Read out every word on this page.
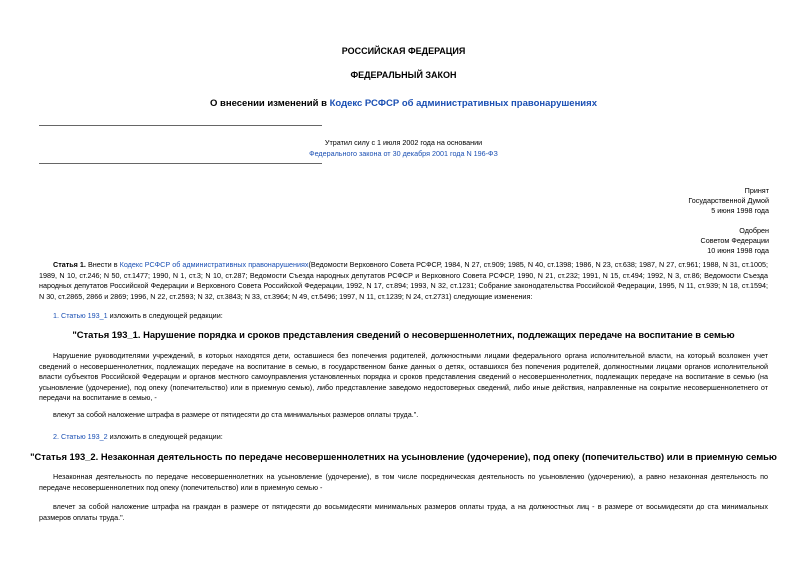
РОССИЙСКАЯ ФЕДЕРАЦИЯ
ФЕДЕРАЛЬНЫЙ ЗАКОН
О внесении изменений в Кодекс РСФСР об административных правонарушениях
Утратил силу с 1 июля 2002 года на основании
Федерального закона от 30 декабря 2001 года N 196-ФЗ
Принят
Государственной Думой
5 июня 1998 года
Одобрен
Советом Федерации
10 июня 1998 года
Статья 1. Внести в Кодекс РСФСР об административных правонарушениях(Ведомости Верховного Совета РСФСР, 1984, N 27, ст.909; 1985, N 40, ст.1398; 1986, N 23, ст.638; 1987, N 27, ст.961; 1988, N 31, ст.1005; 1989, N 10, ст.246; N 50, ст.1477; 1990, N 1, ст.3; N 10, ст.287; Ведомости Съезда народных депутатов РСФСР и Верховного Совета РСФСР, 1990, N 21, ст.232; 1991, N 15, ст.494; 1992, N 3, ст.86; Ведомости Съезда народных депутатов Российской Федерации и Верховного Совета Российской Федерации, 1992, N 17, ст.894; 1993, N 32, ст.1231; Собрание законодательства Российской Федерации, 1995, N 11, ст.939; N 18, ст.1594; N 30, ст.2865, 2866 и 2869; 1996, N 22, ст.2593; N 32, ст.3843; N 33, ст.3964; N 49, ст.5496; 1997, N 11, ст.1239; N 24, ст.2731) следующие изменения:
1. Статью 193_1 изложить в следующей редакции:
"Статья 193_1. Нарушение порядка и сроков представления сведений о несовершеннолетних, подлежащих передаче на воспитание в семью
Нарушение руководителями учреждений, в которых находятся дети, оставшиеся без попечения родителей, должностными лицами федерального органа исполнительной власти, на который возложен учет сведений о несовершеннолетних, подлежащих передаче на воспитание в семью, в государственном банке данных о детях, оставшихся без попечения родителей, должностными лицами органов исполнительной власти субъектов Российской Федерации и органов местного самоуправления установленных порядка и сроков представления сведений о несовершеннолетних, подлежащих передаче на воспитание в семью (на усыновление (удочерение), под опеку (попечительство) или в приемную семью), либо представление заведомо недостоверных сведений, либо иные действия, направленные на сокрытие несовершеннолетнего от передачи на воспитание в семью, -
влекут за собой наложение штрафа в размере от пятидесяти до ста минимальных размеров оплаты труда.".
2. Статью 193_2 изложить в следующей редакции:
"Статья 193_2. Незаконная деятельность по передаче несовершеннолетних на усыновление (удочерение), под опеку (попечительство) или в приемную семью
Незаконная деятельность по передаче несовершеннолетних на усыновление (удочерение), в том числе посредническая деятельность по усыновлению (удочерению), а равно незаконная деятельность по передаче несовершеннолетних под опеку (попечительство) или в приемную семью -
влечет за собой наложение штрафа на граждан в размере от пятидесяти до восьмидесяти минимальных размеров оплаты труда, а на должностных лиц - в размере от восьмидесяти до ста минимальных размеров оплаты труда.".
